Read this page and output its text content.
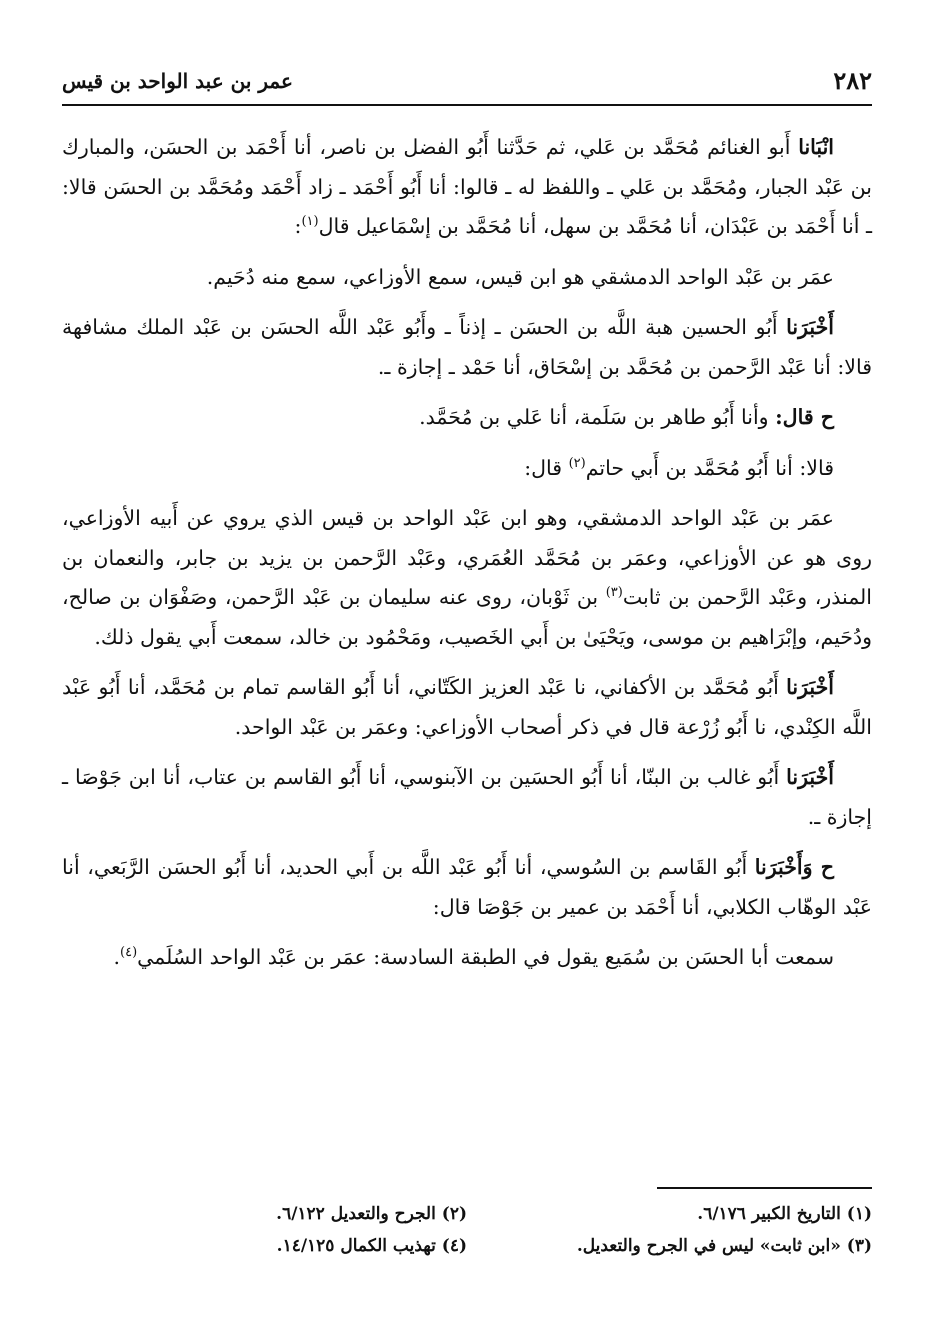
٢٨٢
عمر بن عبد الواحد بن قيس

انْبَانا أَبو الغنائم مُحَمَّد بن عَلي، ثم حَدَّثنا أَبُو الفضل بن ناصر، أنا أَحْمَد بن الحسَن، والمبارك بن عَبْد الجبار، ومُحَمَّد بن عَلي ـ واللفظ له ـ قالوا: أنا أَبُو أَحْمَد ـ زاد أَحْمَد ومُحَمَّد بن الحسَن قالا: ـ أنا أَحْمَد بن عَبْدَان، أنا مُحَمَّد بن سهل، أنا مُحَمَّد بن إسْمَاعيل قال$^{(١)}$:

عمَر بن عَبْد الواحد الدمشقي هو ابن قيس، سمع الأوزاعي، سمع منه دُحَيم.

أَخْبَرَنا أَبُو الحسين هبة اللَّه بن الحسَن ـ إذناً ـ وأَبُو عَبْد اللَّه الحسَن بن عَبْد الملك مشافهة قالا: أنا عَبْد الرَّحمن بن مُحَمَّد بن إسْحَاق، أنا حَمْد ـ إجازة ـ.

ح قال: وأنا أَبُو طاهر بن سَلَمة، أنا عَلي بن مُحَمَّد.

قالا: أنا أَبُو مُحَمَّد بن أَبي حاتم$^{(٢)}$ قال:

عمَر بن عَبْد الواحد الدمشقي، وهو ابن عَبْد الواحد بن قيس الذي يروي عن أَبيه الأوزاعي، روى هو عن الأوزاعي، وعمَر بن مُحَمَّد العُمَري، وعَبْد الرَّحمن بن يزيد بن جابر، والنعمان بن المنذر، وعَبْد الرَّحمن بن ثابت$^{(٣)}$ بن ثَوْبان، روى عنه سليمان بن عَبْد الرَّحمن، وصَفْوَان بن صالح، ودُحَيم، وإبْرَاهيم بن موسى، ويَحْيَىٰ بن أَبي الخَصيب، ومَحْمُود بن خالد، سمعت أَبي يقول ذلك.

أَخْبَرَنا أَبُو مُحَمَّد بن الأكفاني، نا عَبْد العزيز الكَتّاني، أنا أَبُو القاسم تمام بن مُحَمَّد، أنا أَبُو عَبْد اللَّه الكِنْدي، نا أَبُو زُرْعة قال في ذكر أصحاب الأوزاعي: وعمَر بن عَبْد الواحد.

أَخْبَرَنا أَبُو غالب بن البنّا، أنا أَبُو الحسَين بن الآبنوسي، أنا أَبُو القاسم بن عتاب، أنا ابن جَوْصَا ـ إجازة ـ.

ح وَأَخْبَرَنا أَبُو القَاسم بن السُوسي، أنا أَبُو عَبْد اللَّه بن أَبي الحديد، أنا أَبُو الحسَن الرَّبَعي، أنا عَبْد الوهّاب الكلابي، أنا أَحْمَد بن عمير بن جَوْصَا قال:

سمعت أبا الحسَن بن سُمَيع يقول في الطبقة السادسة: عمَر بن عَبْد الواحد السُلَمي$^{(٤)}$.

(١) التاريخ الكبير ٦/١٧٦.
(٢) الجرح والتعديل ٦/١٢٢.
(٣) «ابن ثابت» ليس في الجرح والتعديل.
(٤) تهذيب الكمال ١٤/١٢٥.
